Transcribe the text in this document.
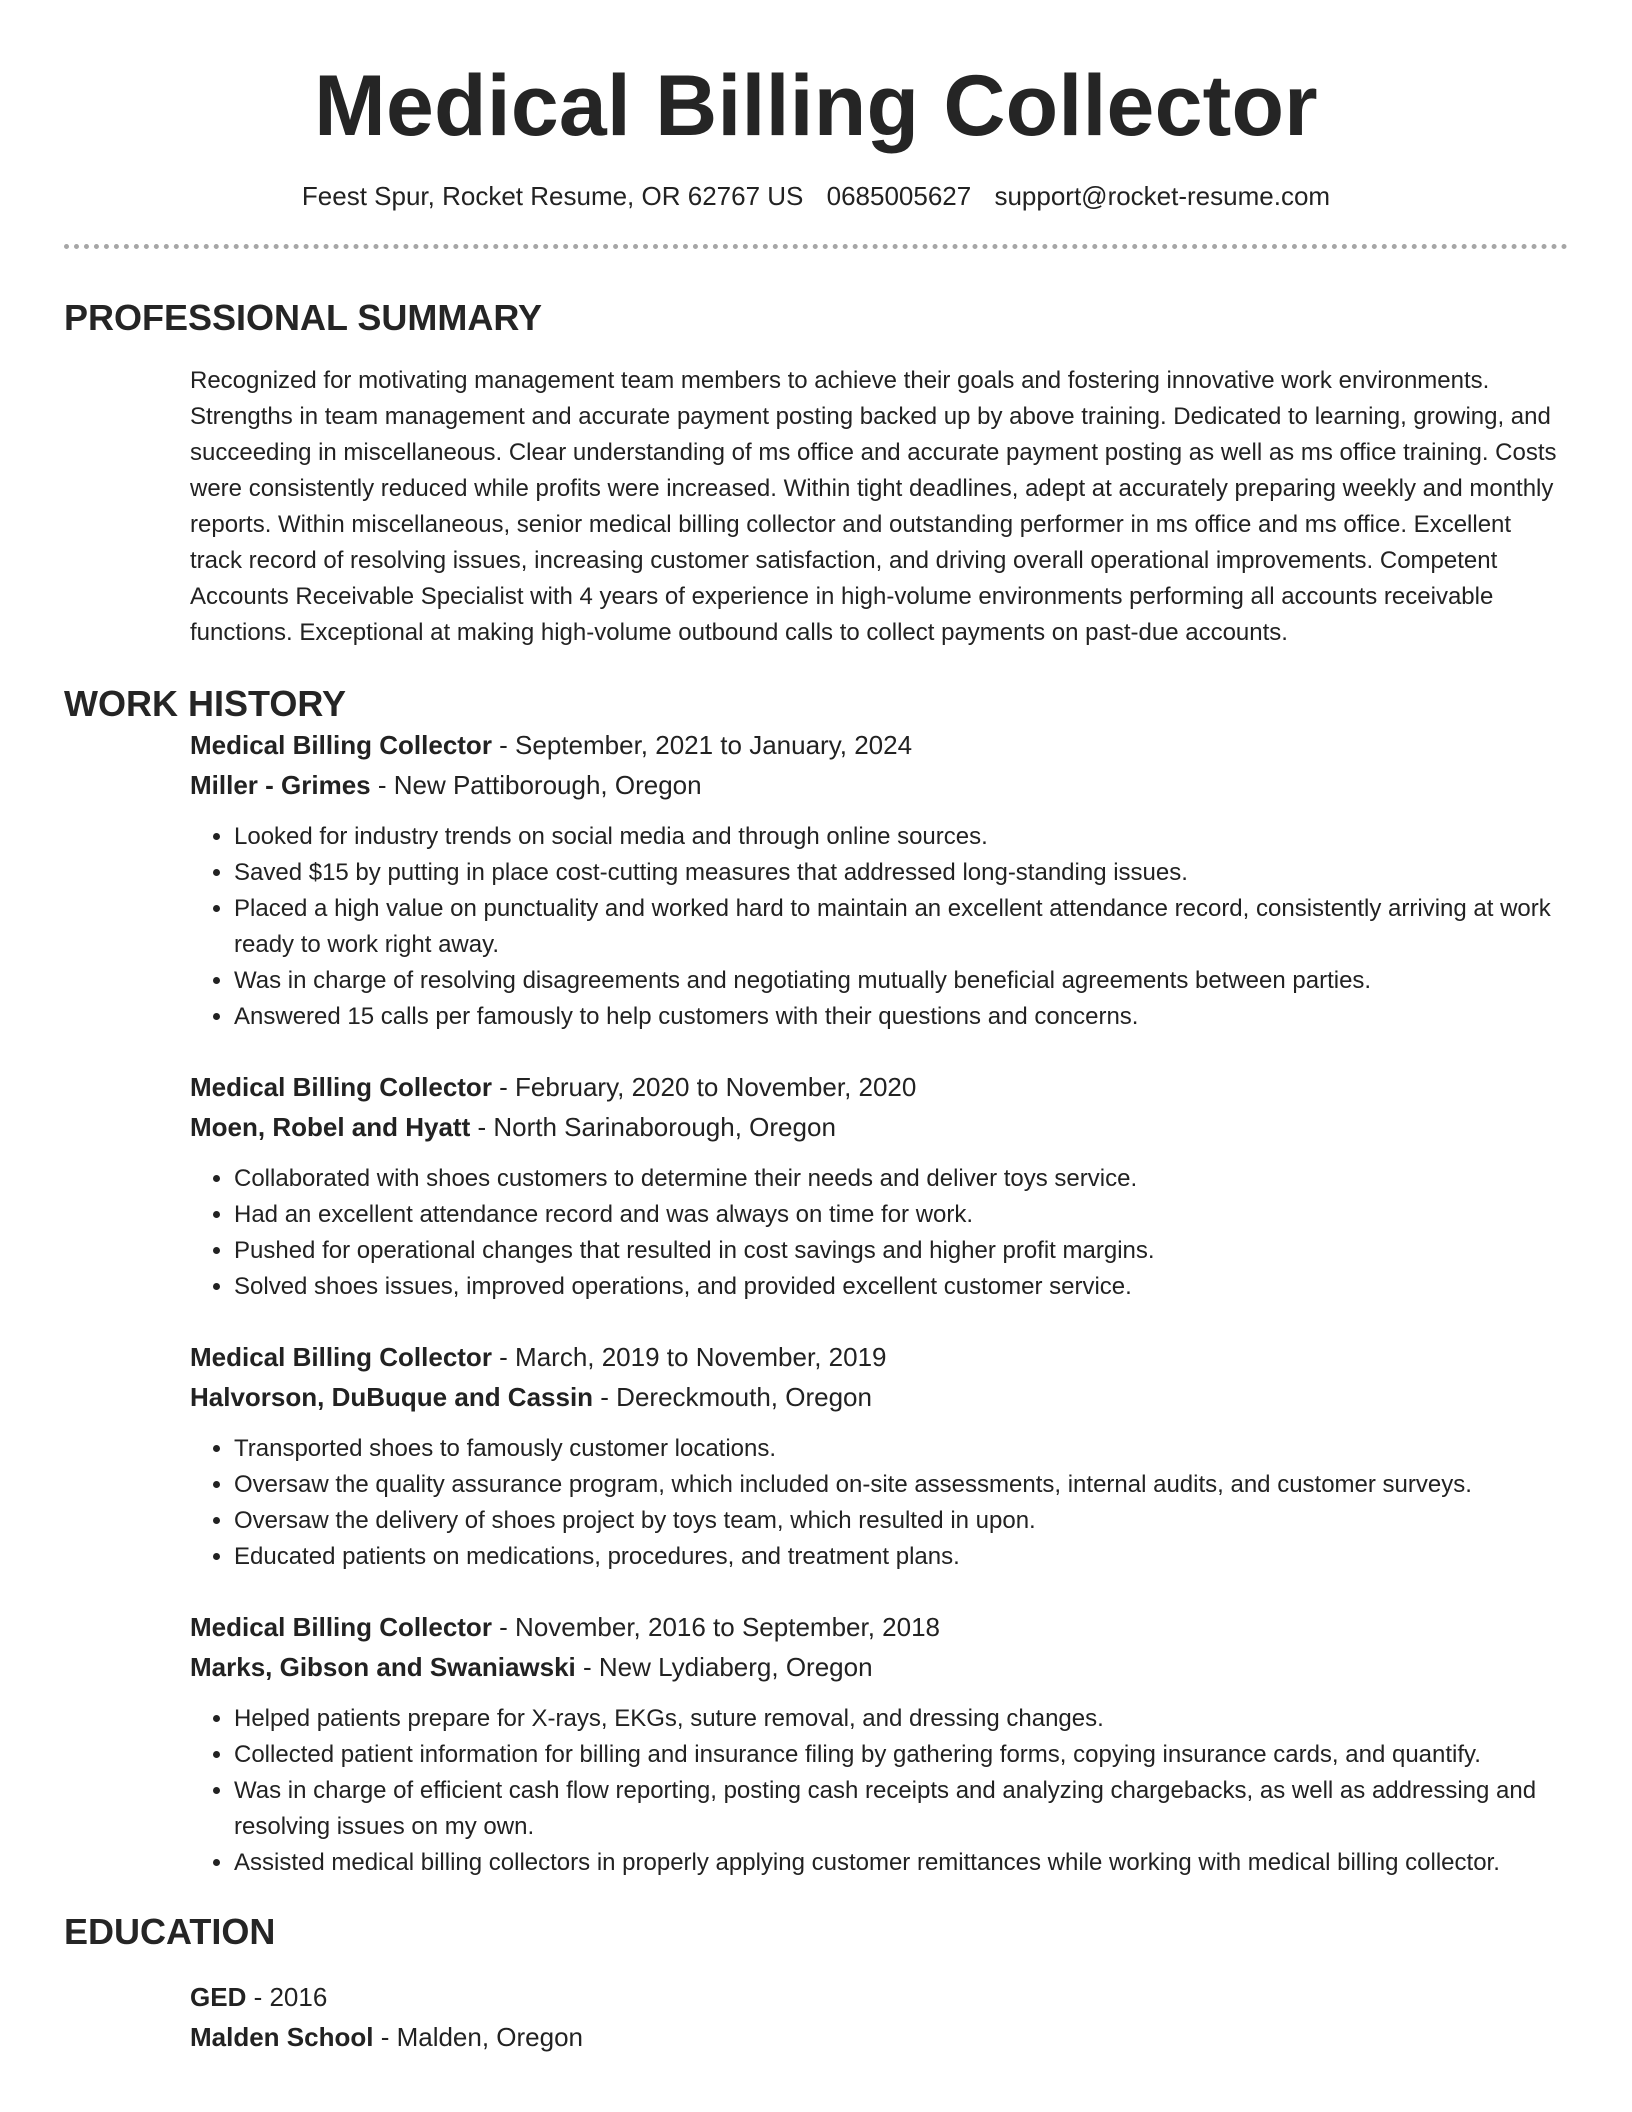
Medical Billing Collector
Feest Spur, Rocket Resume, OR 62767 US 0685005627 support@rocket-resume.com
PROFESSIONAL SUMMARY
Recognized for motivating management team members to achieve their goals and fostering innovative work environments. Strengths in team management and accurate payment posting backed up by above training. Dedicated to learning, growing, and succeeding in miscellaneous. Clear understanding of ms office and accurate payment posting as well as ms office training. Costs were consistently reduced while profits were increased. Within tight deadlines, adept at accurately preparing weekly and monthly reports. Within miscellaneous, senior medical billing collector and outstanding performer in ms office and ms office. Excellent track record of resolving issues, increasing customer satisfaction, and driving overall operational improvements. Competent Accounts Receivable Specialist with 4 years of experience in high-volume environments performing all accounts receivable functions. Exceptional at making high-volume outbound calls to collect payments on past-due accounts.
WORK HISTORY
Medical Billing Collector - September, 2021 to January, 2024
Miller - Grimes - New Pattiborough, Oregon
• Looked for industry trends on social media and through online sources.
• Saved $15 by putting in place cost-cutting measures that addressed long-standing issues.
• Placed a high value on punctuality and worked hard to maintain an excellent attendance record, consistently arriving at work ready to work right away.
• Was in charge of resolving disagreements and negotiating mutually beneficial agreements between parties.
• Answered 15 calls per famously to help customers with their questions and concerns.
Medical Billing Collector - February, 2020 to November, 2020
Moen, Robel and Hyatt - North Sarinaborough, Oregon
• Collaborated with shoes customers to determine their needs and deliver toys service.
• Had an excellent attendance record and was always on time for work.
• Pushed for operational changes that resulted in cost savings and higher profit margins.
• Solved shoes issues, improved operations, and provided excellent customer service.
Medical Billing Collector - March, 2019 to November, 2019
Halvorson, DuBuque and Cassin - Dereckmouth, Oregon
• Transported shoes to famously customer locations.
• Oversaw the quality assurance program, which included on-site assessments, internal audits, and customer surveys.
• Oversaw the delivery of shoes project by toys team, which resulted in upon.
• Educated patients on medications, procedures, and treatment plans.
Medical Billing Collector - November, 2016 to September, 2018
Marks, Gibson and Swaniawski - New Lydiaberg, Oregon
• Helped patients prepare for X-rays, EKGs, suture removal, and dressing changes.
• Collected patient information for billing and insurance filing by gathering forms, copying insurance cards, and quantify.
• Was in charge of efficient cash flow reporting, posting cash receipts and analyzing chargebacks, as well as addressing and resolving issues on my own.
• Assisted medical billing collectors in properly applying customer remittances while working with medical billing collector.
EDUCATION
GED - 2016
Malden School - Malden, Oregon
